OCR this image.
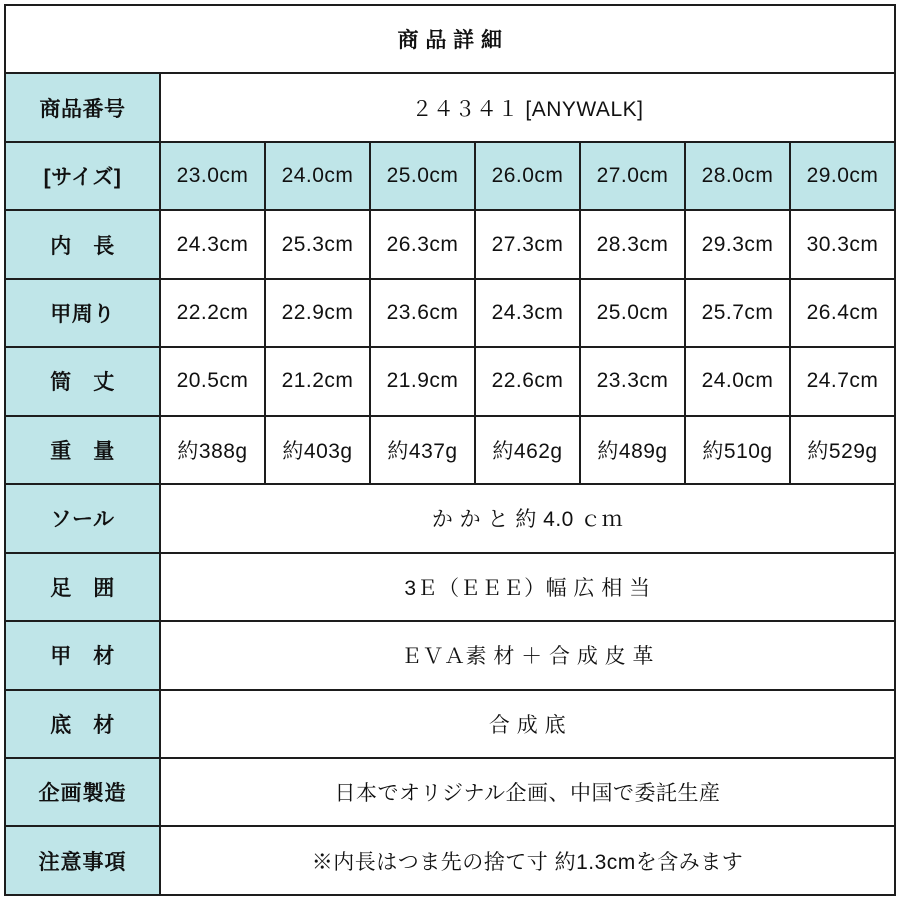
商 品 詳 細							
商品番号	２４３４１ [ANYWALK]						
[サイズ]	23.0cm	24.0cm	25.0cm	26.0cm	27.0cm	28.0cm	29.0cm
内　長	24.3cm	25.3cm	26.3cm	27.3cm	28.3cm	29.3cm	30.3cm
甲周り	22.2cm	22.9cm	23.6cm	24.3cm	25.0cm	25.7cm	26.4cm
筒　丈	20.5cm	21.2cm	21.9cm	22.6cm	23.3cm	24.0cm	24.7cm
重　量	約388g	約403g	約437g	約462g	約489g	約510g	約529g
ソール	か か と 約 4.0 ｃｍ						
足　囲	3Ｅ（ＥＥＥ）幅 広 相 当						
甲　材	ＥＶＡ素 材 ＋ 合 成 皮 革						
底　材	合 成 底						
企画製造	日本でオリジナル企画、中国で委託生産						
注意事項	※内長はつま先の捨て寸 約1.3cmを含みます						
